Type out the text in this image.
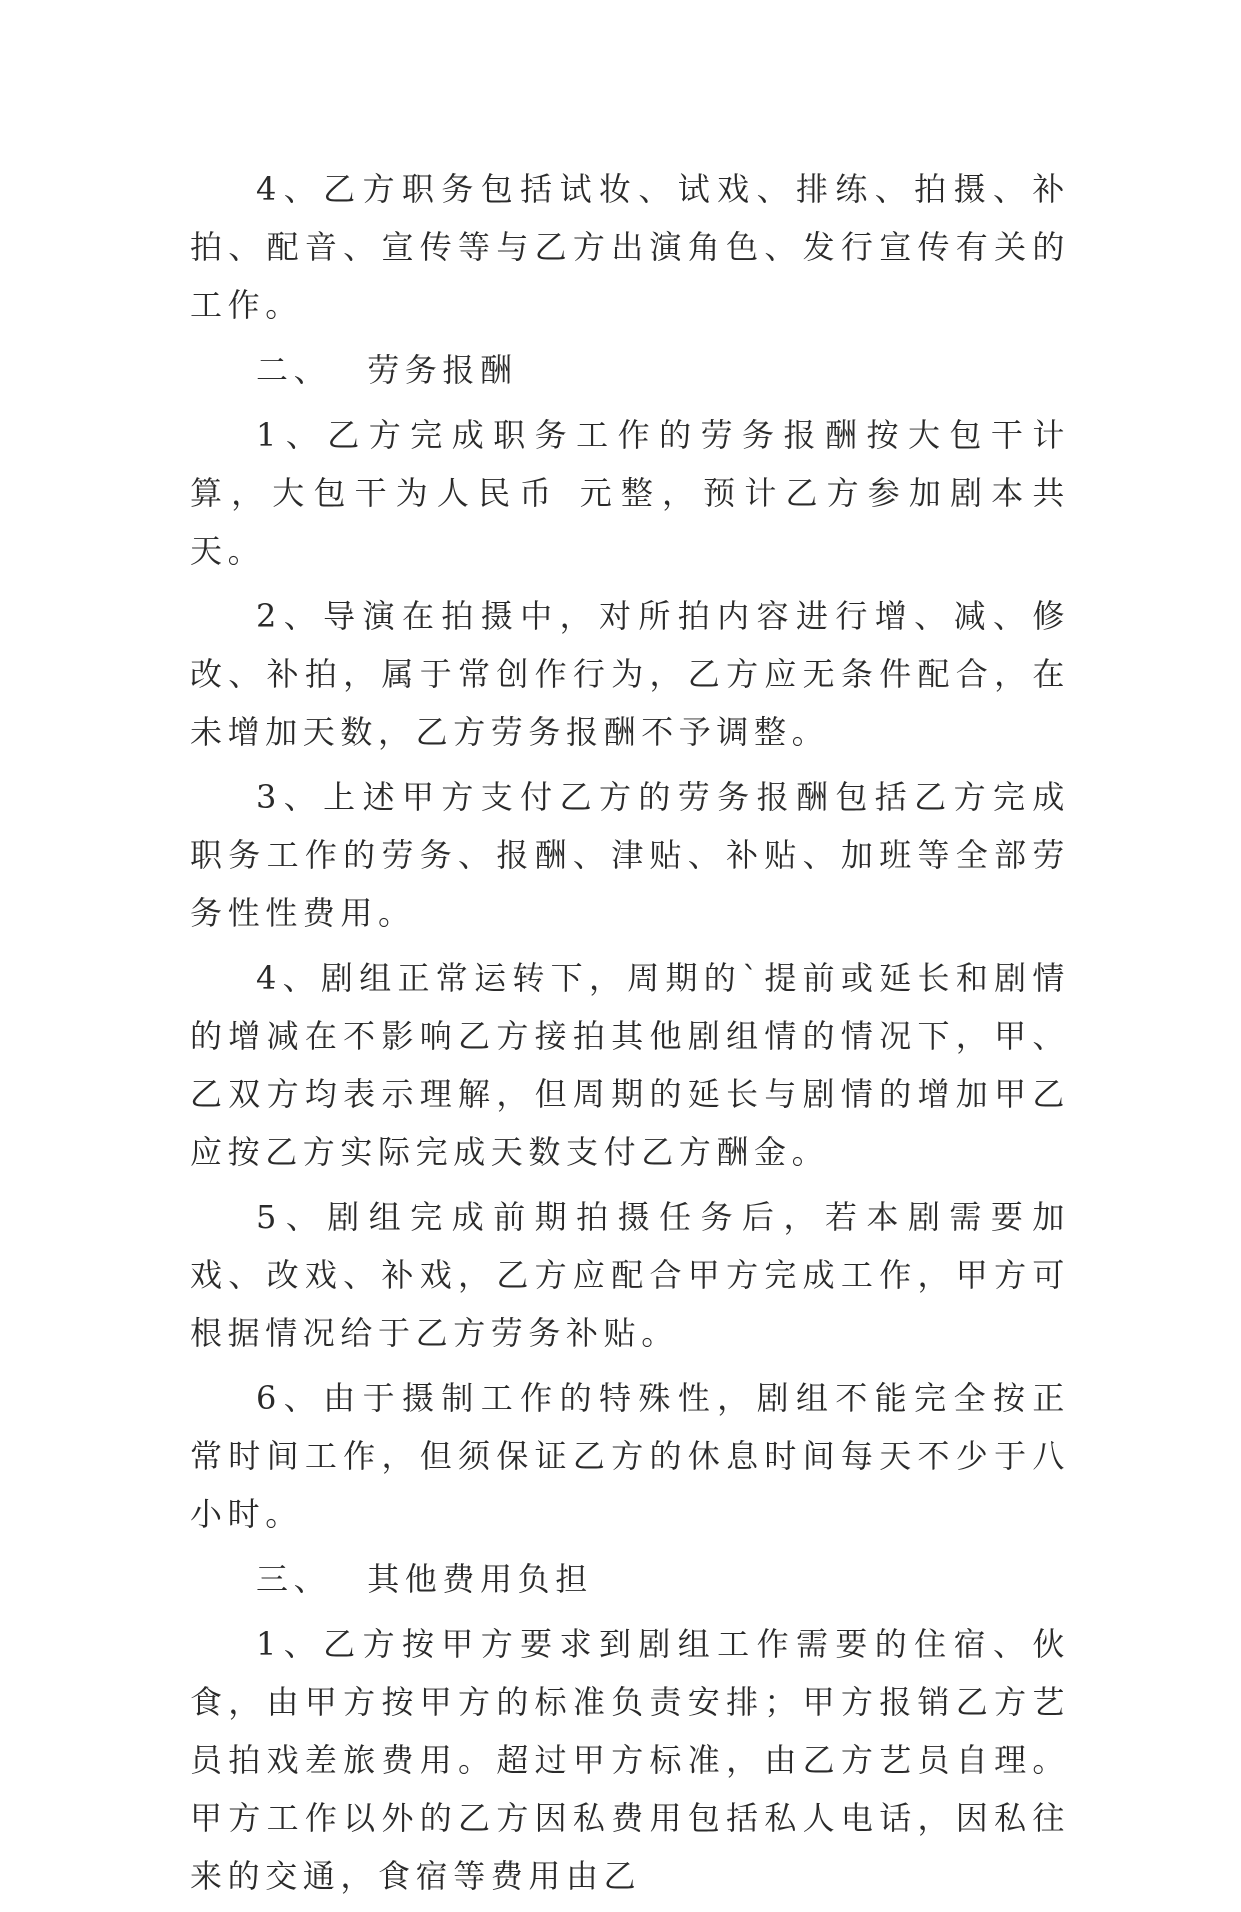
4、乙方职务包括试妆、试戏、排练、拍摄、补拍、配音、宣传等与乙方出演角色、发行宣传有关的工作。

二、 劳务报酬

1、乙方完成职务工作的劳务报酬按大包干计算，大包干为人民币 元整，预计乙方参加剧本共 天。

2、导演在拍摄中，对所拍内容进行增、减、修改、补拍，属于常创作行为，乙方应无条件配合，在未增加天数，乙方劳务报酬不予调整。

3、上述甲方支付乙方的劳务报酬包括乙方完成职务工作的劳务、报酬、津贴、补贴、加班等全部劳务性性费用。

4、剧组正常运转下，周期的`提前或延长和剧情的增减在不影响乙方接拍其他剧组情的情况下，甲、乙双方均表示理解，但周期的延长与剧情的增加甲乙应按乙方实际完成天数支付乙方酬金。

5、剧组完成前期拍摄任务后，若本剧需要加戏、改戏、补戏，乙方应配合甲方完成工作，甲方可根据情况给于乙方劳务补贴。

6、由于摄制工作的特殊性，剧组不能完全按正常时间工作，但须保证乙方的休息时间每天不少于八小时。

三、 其他费用负担

1、乙方按甲方要求到剧组工作需要的住宿、伙食，由甲方按甲方的标准负责安排；甲方报销乙方艺员拍戏差旅费用。超过甲方标准，由乙方艺员自理。甲方工作以外的乙方因私费用包括私人电话，因私往来的交通，食宿等费用由乙
